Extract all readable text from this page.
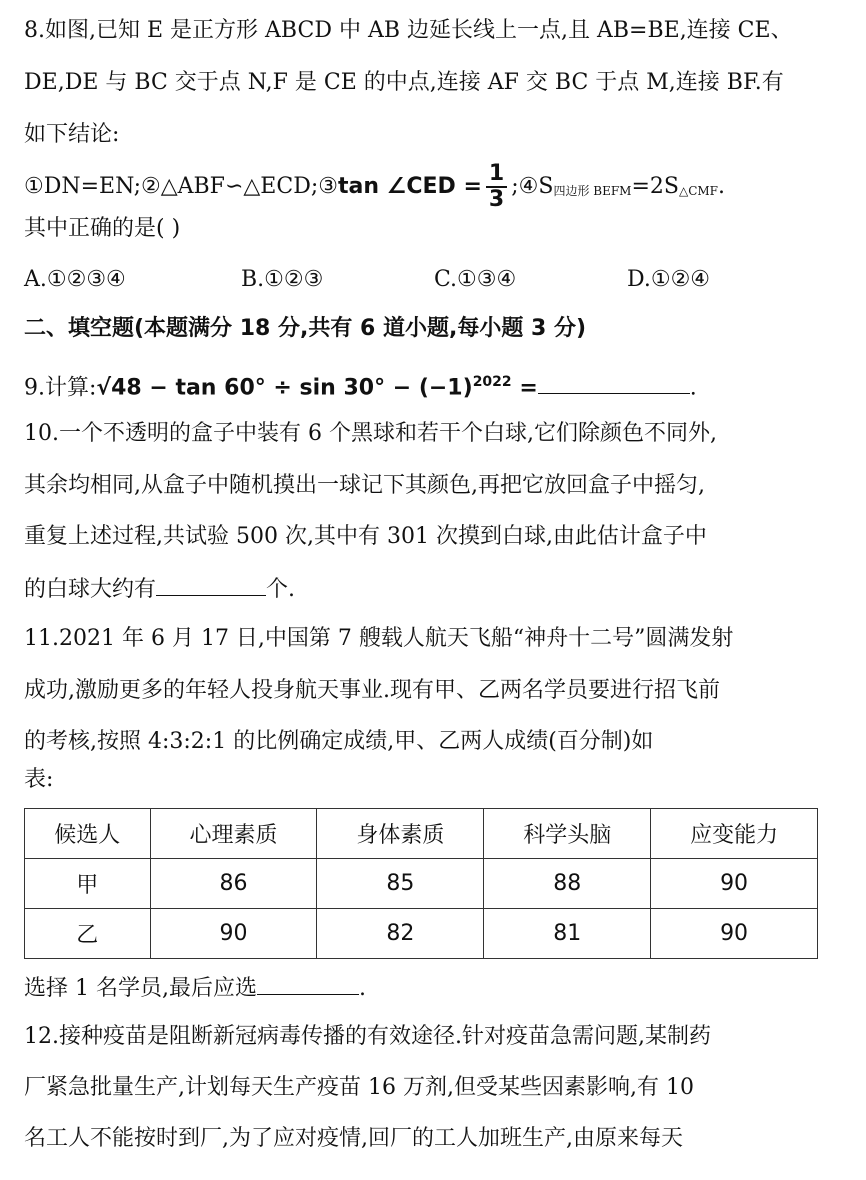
8.如图,已知 E 是正方形 ABCD 中 AB 边延长线上一点,且 AB=BE,连接 CE、
DE,DE 与 BC 交于点 N,F 是 CE 的中点,连接 AF 交 BC 于点 M,连接 BF.有
如下结论:
①DN=EN;②△ABF∽△ECD;③tan ∠CED = $\frac{1}{3}$ ;④S四边形 BEFM=2S△CMF.
其中正确的是( )
A.①②③④	B.①②③	C.①③④	D.①②④
二、填空题(本题满分 18 分,共有 6 道小题,每小题 3 分)
9.计算:√48 − $\tan 60^\circ \div \sin 30^\circ - (-1)^{2022}$ =	.
10.一个不透明的盒子中装有 6 个黑球和若干个白球,它们除颜色不同外,
其余均相同,从盒子中随机摸出一球记下其颜色,再把它放回盒子中摇匀,
重复上述过程,共试验 500 次,其中有 301 次摸到白球,由此估计盒子中
的白球大约有	个.
11.2021 年 6 月 17 日,中国第 7 艘载人航天飞船“神舟十二号”圆满发射
成功,激励更多的年轻人投身航天事业.现有甲、乙两名学员要进行招飞前
的考核,按照 4:3:2:1 的比例确定成绩,甲、乙两人成绩(百分制)如
表:
候选人	心理素质	身体素质	科学头脑	应变能力
甲	86	85	88	90
乙	90	82	81	90
选择 1 名学员,最后应选	.
12.接种疫苗是阻断新冠病毒传播的有效途径.针对疫苗急需问题,某制药
厂紧急批量生产,计划每天生产疫苗 16 万剂,但受某些因素影响,有 10
名工人不能按时到厂,为了应对疫情,回厂的工人加班生产,由原来每天
